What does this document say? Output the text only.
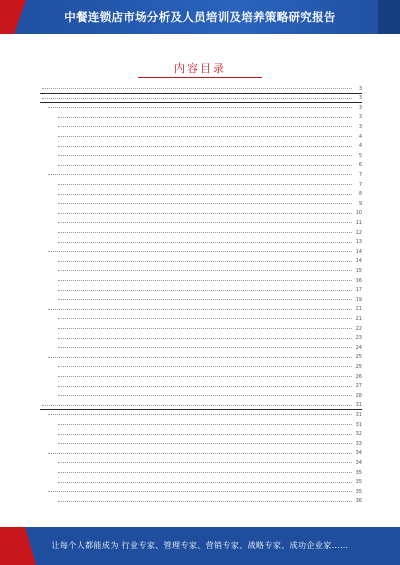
中餐连锁店市场分析及人员培训及培养策略研究报告
内容目录
3
3
3
3
3
4
4
5
6
7
7
8
9
10
11
12
13
14
14
15
16
17
19
21
21
22
23
24
25
25
26
27
28
31
31
31
32
33
34
34
35
35
35
36
让每个人都能成为 行业专家、管理专家、营销专家、战略专家、成功企业家……
